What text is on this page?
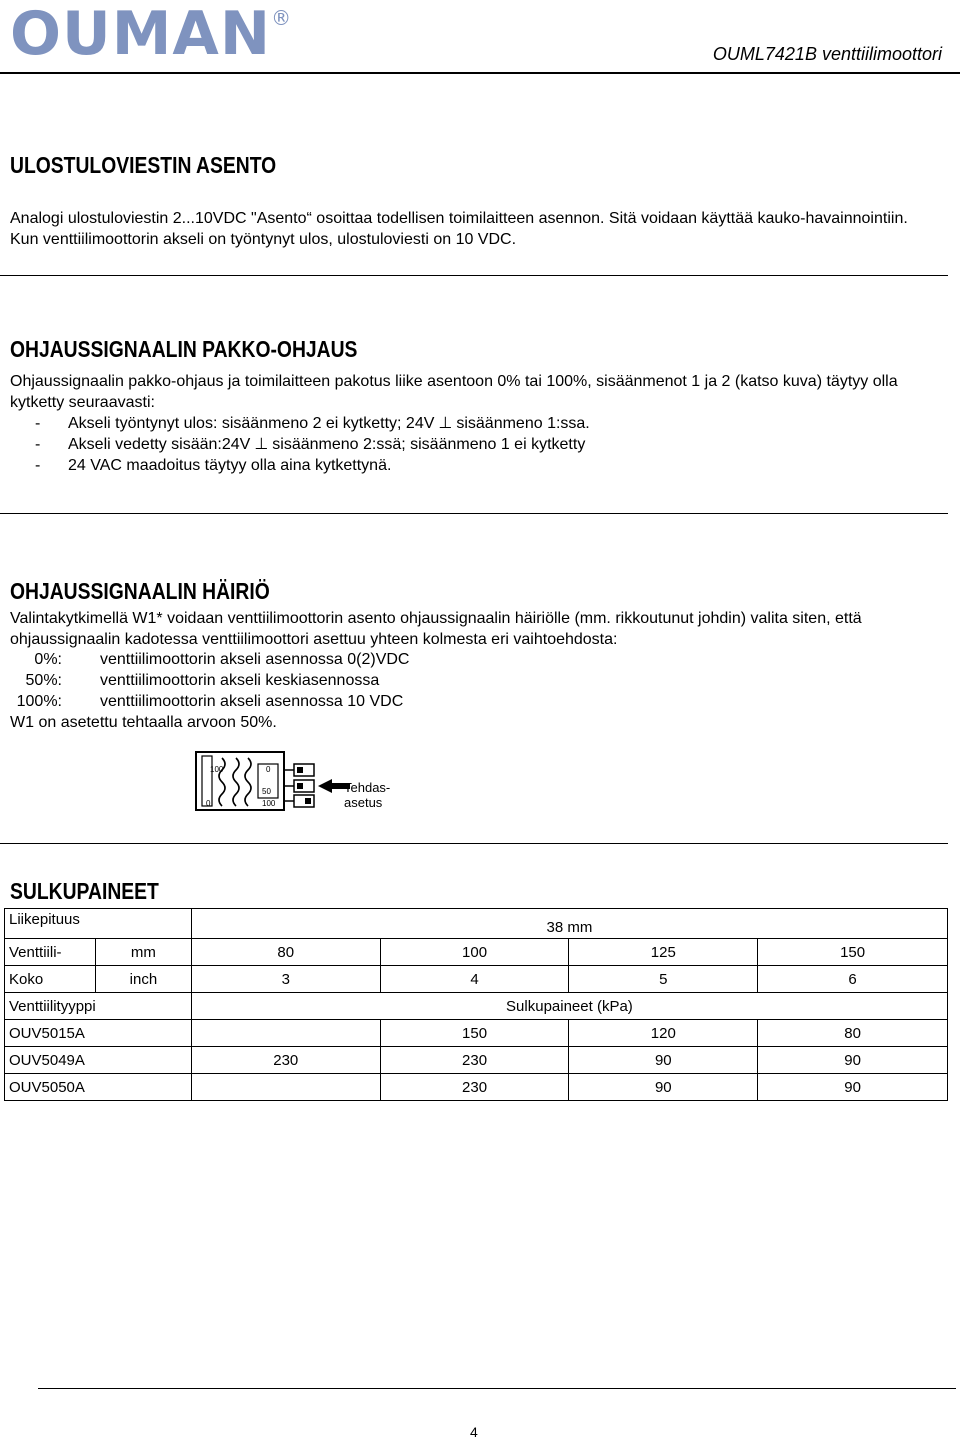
OUMAN®
OUML7421B venttiilimoottori
ULOSTULOVIESTIN ASENTO

Analogi ulostuloviestin 2...10VDC "Asento“ osoittaa todellisen toimilaitteen asennon. Sitä voidaan käyttää kauko-havainnointiin. Kun venttiilimoottorin akseli on työntynyt ulos, ulostuloviesti on 10 VDC.

OHJAUSSIGNAALIN PAKKO-OHJAUS

Ohjaussignaalin pakko-ohjaus ja toimilaitteen pakotus liike asentoon 0% tai 100%, sisäänmenot 1 ja 2 (katso kuva) täytyy olla kytketty seuraavasti:

-	Akseli työntynyt ulos: sisäänmeno 2 ei kytketty; 24V ⊥ sisäänmeno 1:ssa.
-	Akseli vedetty sisään:24V ⊥ sisäänmeno 2:ssä; sisäänmeno 1 ei kytketty
-	24 VAC maadoitus täytyy olla aina kytkettynä.
OHJAUSSIGNAALIN HÄIRIÖ

Valintakytkimellä W1* voidaan venttiilimoottorin asento ohjaussignaalin häiriölle (mm. rikkoutunut johdin) valita siten, että ohjaussignaalin kadotessa venttiilimoottori asettuu yhteen kolmesta eri vaihtoehdosta:

0%:	venttiilimoottorin akseli asennossa 0(2)VDC
50%:	venttiilimoottorin akseli keskiasennossa
100%:	venttiilimoottorin akseli asennossa 10 VDC

W1 on asetettu tehtaalla arvoon 50%.

100	0
50
0	100
Tehdas-
asetus
SULKUPAINEET
Liikepituus		38 mm			
Venttiili-	mm	80	100	125	150
Koko	inch	3	4	5	6
Venttiilityyppi		Sulkupaineet (kPa)			
OUV5015A			150	120	80
OUV5049A		230	230	90	90
OUV5050A			230	90	90
4
